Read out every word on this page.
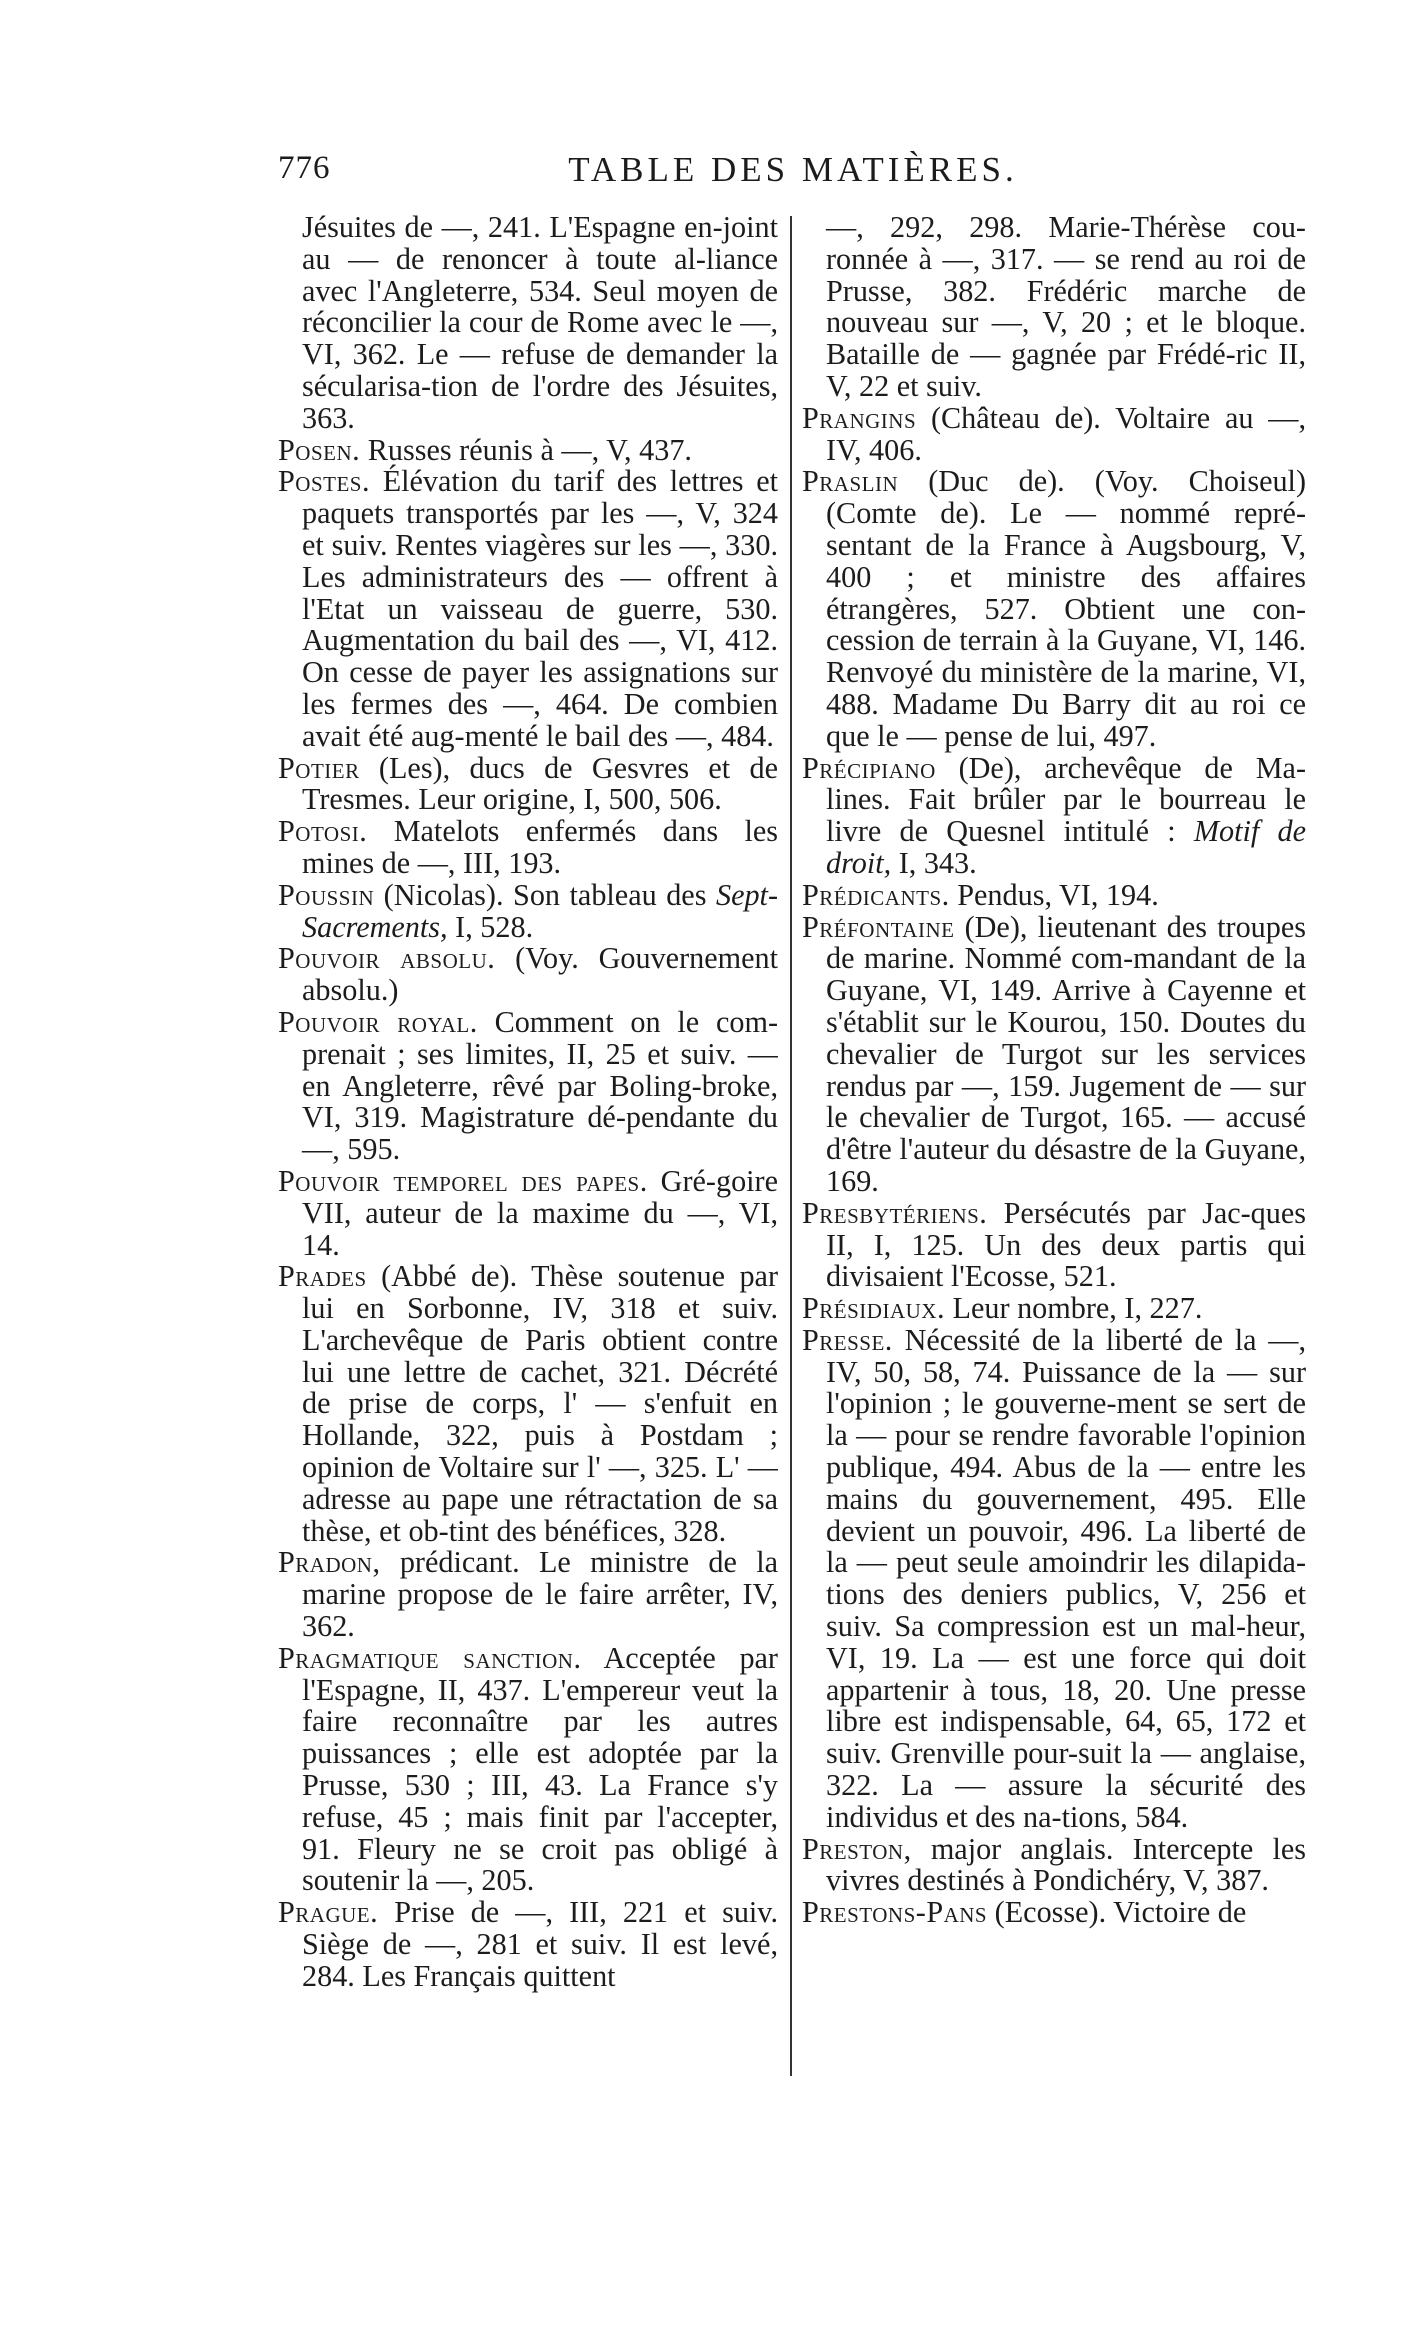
776	TABLE DES MATIÈRES.

Jésuites de —, 241. L'Espagne en-joint au — de renoncer à toute al-liance avec l'Angleterre, 534. Seul moyen de réconcilier la cour de Rome avec le —, VI, 362. Le — refuse de demander la sécularisa-tion de l'ordre des Jésuites, 363.

Posen. Russes réunis à —, V, 437.

Postes. Élévation du tarif des lettres et paquets transportés par les —, V, 324 et suiv. Rentes viagères sur les —, 330. Les administrateurs des — offrent à l'Etat un vaisseau de guerre, 530. Augmentation du bail des —, VI, 412. On cesse de payer les assignations sur les fermes des —, 464. De combien avait été aug-menté le bail des —, 484.

Potier (Les), ducs de Gesvres et de Tresmes. Leur origine, I, 500, 506.

Potosi. Matelots enfermés dans les mines de —, III, 193.

Poussin (Nicolas). Son tableau des Sept-Sacrements, I, 528.

Pouvoir absolu. (Voy. Gouvernement absolu.)

Pouvoir royal. Comment on le com-prenait ; ses limites, II, 25 et suiv. — en Angleterre, rêvé par Boling-broke, VI, 319. Magistrature dé-pendante du —, 595.

Pouvoir temporel des papes. Gré-goire VII, auteur de la maxime du —, VI, 14.

Prades (Abbé de). Thèse soutenue par lui en Sorbonne, IV, 318 et suiv. L'archevêque de Paris obtient contre lui une lettre de cachet, 321. Décrété de prise de corps, l' — s'enfuit en Hollande, 322, puis à Postdam ; opinion de Voltaire sur l' —, 325. L' — adresse au pape une rétractation de sa thèse, et ob-tint des bénéfices, 328.

Pradon, prédicant. Le ministre de la marine propose de le faire arrêter, IV, 362.

Pragmatique sanction. Acceptée par l'Espagne, II, 437. L'empereur veut la faire reconnaître par les autres puissances ; elle est adoptée par la Prusse, 530 ; III, 43. La France s'y refuse, 45 ; mais finit par l'accepter, 91. Fleury ne se croit pas obligé à soutenir la —, 205.

Prague. Prise de —, III, 221 et suiv. Siège de —, 281 et suiv. Il est levé, 284. Les Français quittent

—, 292, 298. Marie-Thérèse cou-ronnée à —, 317. — se rend au roi de Prusse, 382. Frédéric marche de nouveau sur —, V, 20 ; et le bloque. Bataille de — gagnée par Frédé-ric II, V, 22 et suiv.

Prangins (Château de). Voltaire au —, IV, 406.

Praslin (Duc de). (Voy. Choiseul) (Comte de). Le — nommé repré-sentant de la France à Augsbourg, V, 400 ; et ministre des affaires étrangères, 527. Obtient une con-cession de terrain à la Guyane, VI, 146. Renvoyé du ministère de la marine, VI, 488. Madame Du Barry dit au roi ce que le — pense de lui, 497.

Précipiano (De), archevêque de Ma-lines. Fait brûler par le bourreau le livre de Quesnel intitulé : Motif de droit, I, 343.

Prédicants. Pendus, VI, 194.

Préfontaine (De), lieutenant des troupes de marine. Nommé com-mandant de la Guyane, VI, 149. Arrive à Cayenne et s'établit sur le Kourou, 150. Doutes du chevalier de Turgot sur les services rendus par —, 159. Jugement de — sur le chevalier de Turgot, 165. — accusé d'être l'auteur du désastre de la Guyane, 169.

Presbytériens. Persécutés par Jac-ques II, I, 125. Un des deux partis qui divisaient l'Ecosse, 521.

Présidiaux. Leur nombre, I, 227.

Presse. Nécessité de la liberté de la —, IV, 50, 58, 74. Puissance de la — sur l'opinion ; le gouverne-ment se sert de la — pour se rendre favorable l'opinion publique, 494. Abus de la — entre les mains du gouvernement, 495. Elle devient un pouvoir, 496. La liberté de la — peut seule amoindrir les dilapida-tions des deniers publics, V, 256 et suiv. Sa compression est un mal-heur, VI, 19. La — est une force qui doit appartenir à tous, 18, 20. Une presse libre est indispensable, 64, 65, 172 et suiv. Grenville pour-suit la — anglaise, 322. La — assure la sécurité des individus et des na-tions, 584.

Preston, major anglais. Intercepte les vivres destinés à Pondichéry, V, 387.

Prestons-Pans (Ecosse). Victoire de
